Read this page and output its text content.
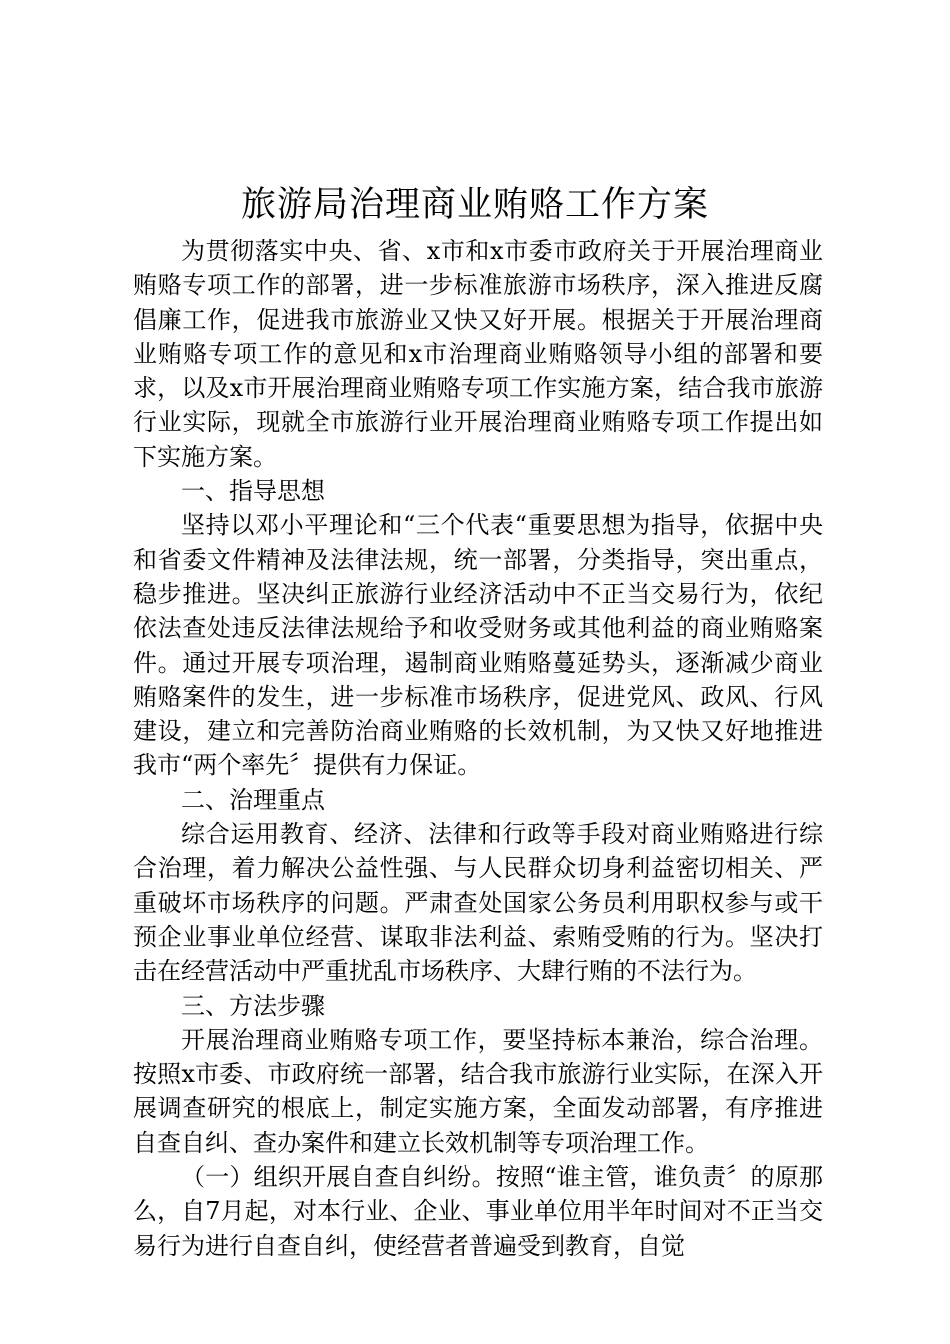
旅游局治理商业贿赂工作方案

为贯彻落实中央、省、x市和x市委市政府关于开展治理商业贿赂专项工作的部署，进一步标准旅游市场秩序，深入推进反腐倡廉工作，促进我市旅游业又快又好开展。根据关于开展治理商业贿赂专项工作的意见和x市治理商业贿赂领导小组的部署和要求，以及x市开展治理商业贿赂专项工作实施方案，结合我市旅游行业实际，现就全市旅游行业开展治理商业贿赂专项工作提出如下实施方案。

一、指导思想

坚持以邓小平理论和“三个代表“重要思想为指导，依据中央和省委文件精神及法律法规，统一部署，分类指导，突出重点，稳步推进。坚决纠正旅游行业经济活动中不正当交易行为，依纪依法查处违反法律法规给予和收受财务或其他利益的商业贿赂案件。通过开展专项治理，遏制商业贿赂蔓延势头，逐渐减少商业贿赂案件的发生，进一步标准市场秩序，促进党风、政风、行风建设，建立和完善防治商业贿赂的长效机制，为又快又好地推进我市“两个率先〞提供有力保证。

二、治理重点

综合运用教育、经济、法律和行政等手段对商业贿赂进行综合治理，着力解决公益性强、与人民群众切身利益密切相关、严重破坏市场秩序的问题。严肃查处国家公务员利用职权参与或干预企业事业单位经营、谋取非法利益、索贿受贿的行为。坚决打击在经营活动中严重扰乱市场秩序、大肆行贿的不法行为。

三、方法步骤

开展治理商业贿赂专项工作，要坚持标本兼治，综合治理。按照x市委、市政府统一部署，结合我市旅游行业实际，在深入开展调查研究的根底上，制定实施方案，全面发动部署，有序推进自查自纠、查办案件和建立长效机制等专项治理工作。

（一）组织开展自查自纠纷。按照“谁主管，谁负责〞的原那么，自7月起，对本行业、企业、事业单位用半年时间对不正当交易行为进行自查自纠，使经营者普遍受到教育，自觉
